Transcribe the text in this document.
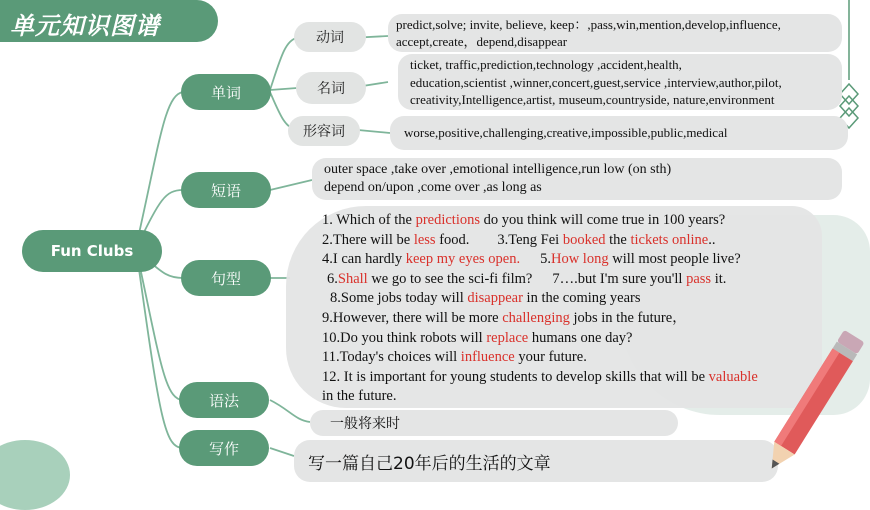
单元知识图谱
Fun Clubs
单词
短语
句型
语法
写作
动词
名词
形容词

predict,solve; invite, believe, keep：,pass,win,mention,develop,influence,

accept,create，depend,disappear

ticket, traffic,prediction,technology ,accident,health,

education,scientist ,winner,concert,guest,service ,interview,author,pilot,

creativity,Intelligence,artist, museum,countryside, nature,environment

worse,positive,challenging,creative,impossible,public,medical

outer space ,take over ,emotional intelligence,run low (on sth)

depend on/upon ,come over ,as long as

1. Which of the predictions do you think will come true in 100 years?

2.There will be less food. 3.Teng Fei booked the tickets online..

4.I can hardly keep my eyes open. 5.How long will most people live?

6.Shall we go to see the sci-fi film? 7….but I'm sure you'll pass it.

8.Some jobs today will disappear in the coming years

9.However, there will be more challenging jobs in the future，

10.Do you think robots will replace humans one day?

11.Today's choices will influence your future.

12. It is important for young students to develop skills that will be valuable

in the future.

一般将来时
写一篇自己20年后的生活的文章
